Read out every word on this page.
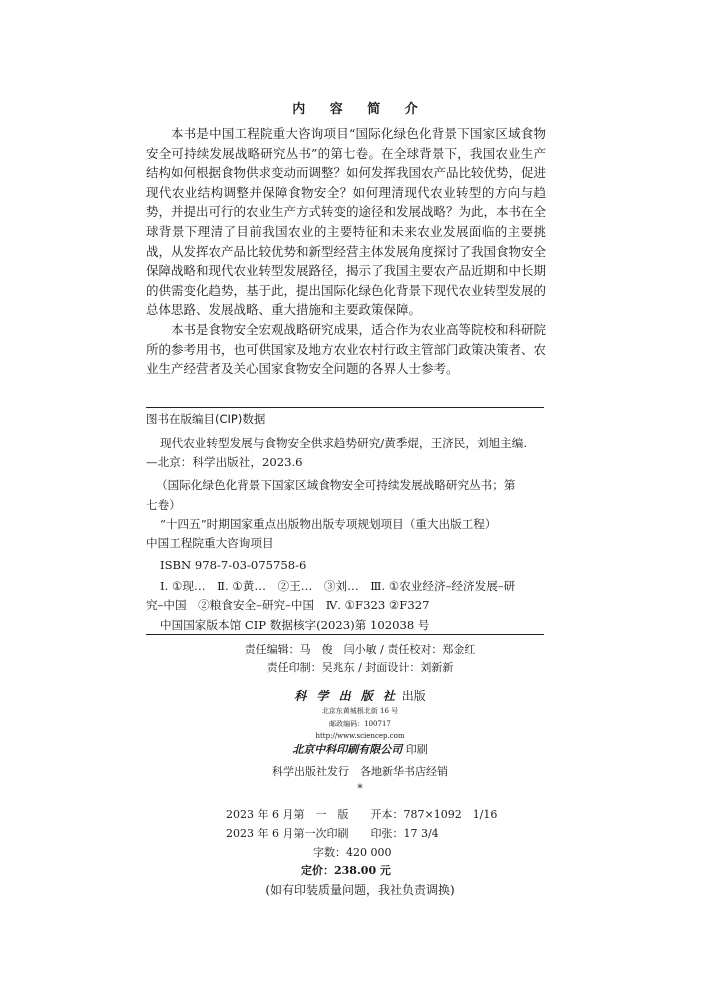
内 容 简 介

本书是中国工程院重大咨询项目“国际化绿色化背景下国家区域食物安全可持续发展战略研究丛书”的第七卷。在全球背景下，我国农业生产结构如何根据食物供求变动而调整？如何发挥我国农产品比较优势，促进现代农业结构调整并保障食物安全？如何理清现代农业转型的方向与趋势，并提出可行的农业生产方式转变的途径和发展战略？为此，本书在全球背景下理清了目前我国农业的主要特征和未来农业发展面临的主要挑战，从发挥农产品比较优势和新型经营主体发展角度探讨了我国食物安全保障战略和现代农业转型发展路径，揭示了我国主要农产品近期和中长期的供需变化趋势，基于此，提出国际化绿色化背景下现代农业转型发展的总体思路、发展战略、重大措施和主要政策保障。

本书是食物安全宏观战略研究成果，适合作为农业高等院校和科研院所的参考用书，也可供国家及地方农业农村行政主管部门政策决策者、农业生产经营者及关心国家食物安全问题的各界人士参考。

图书在版编目(CIP)数据
现代农业转型发展与食物安全供求趋势研究/黄季焜，王济民，刘旭主编.
—北京：科学出版社，2023.6
（国际化绿色化背景下国家区域食物安全可持续发展战略研究丛书；第
七卷）
“十四五”时期国家重点出版物出版专项规划项目（重大出版工程）
中国工程院重大咨询项目
ISBN 978-7-03-075758-6
Ⅰ. ①现…　Ⅱ. ①黄…　②王…　③刘…　Ⅲ. ①农业经济–经济发展–研
究–中国　②粮食安全–研究–中国　Ⅳ. ①F323 ②F327
中国国家版本馆 CIP 数据核字(2023)第 102038 号
责任编辑：马　俊　闫小敏 / 责任校对：郑金红
责任印制：吴兆东 / 封面设计：刘新新
科 学 出 版 社 出版
北京东黄城根北街 16 号
邮政编码：100717
http://www.sciencep.com
北京中科印刷有限公司 印刷
科学出版社发行　各地新华书店经销
*
2023 年 6 月第　一　版　　开本：787×1092　1/16
2023 年 6 月第一次印刷　　印张：17 3/4
字数：420 000
定价：238.00 元
(如有印装质量问题，我社负责调换)
